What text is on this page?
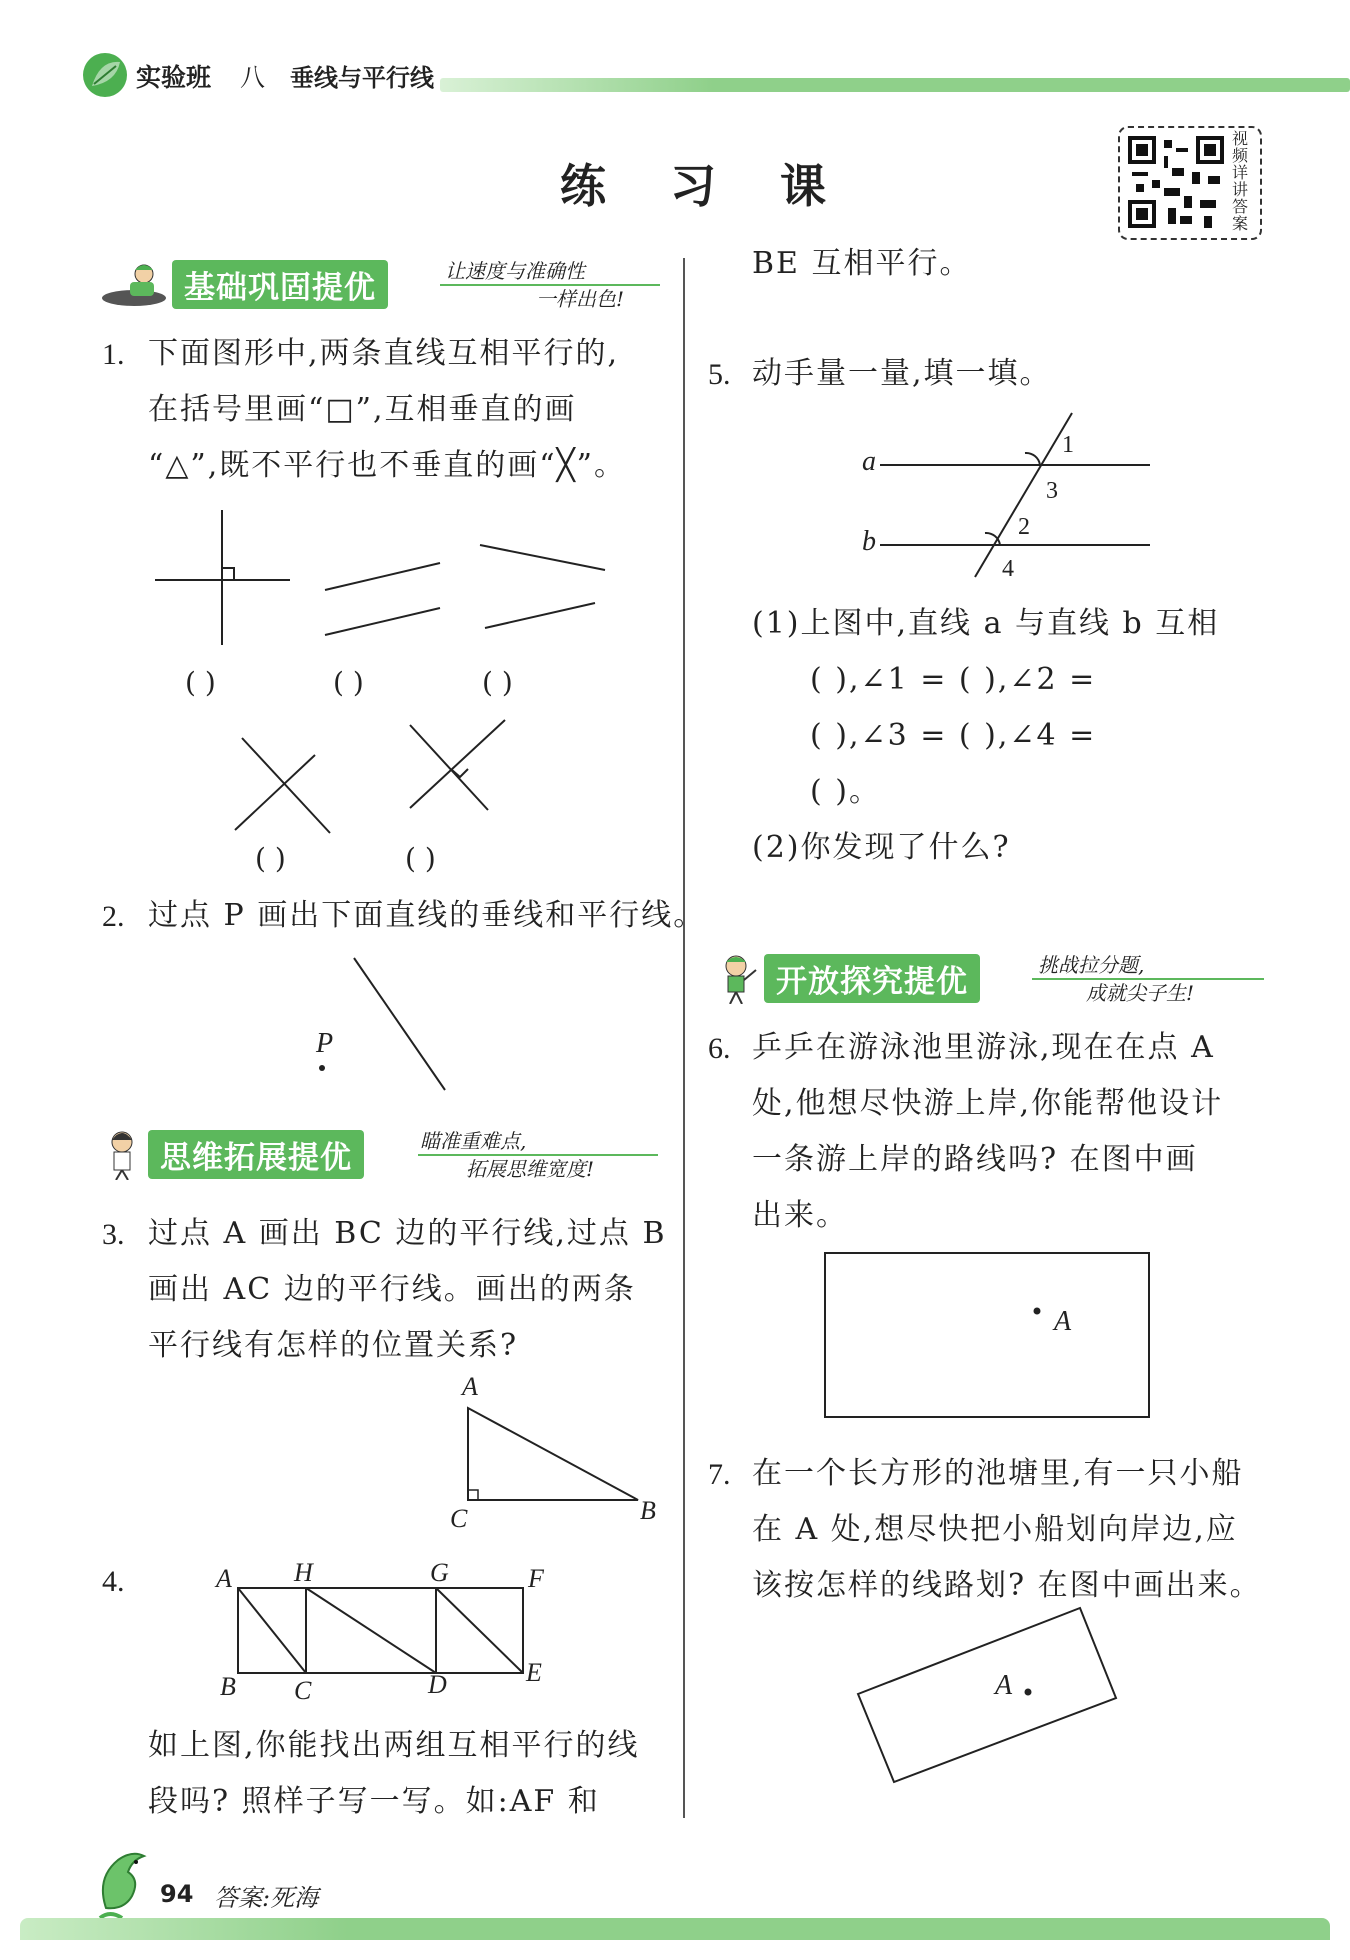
实验班 八 垂线与平行线
练 习 课
视频详讲答案
基础巩固提优	让速度与准确性
一样出色!
1. 下面图形中,两条直线互相平行的,
在括号里画“□”,互相垂直的画
“△”,既不平行也不垂直的画“╳”。
( )	( )	( )
( )	( )
2. 过点 P 画出下面直线的垂线和平行线。
P
思维拓展提优	瞄准重难点,
拓展思维宽度!
3. 过点 A 画出 BC 边的平行线,过点 B
画出 AC 边的平行线。画出的两条
平行线有怎样的位置关系?
A
C	B
4.	A H	G	F
B C	D	E
如上图,你能找出两组互相平行的线
段吗? 照样子写一写。如:AF 和
BE 互相平行。
5. 动手量一量,填一填。
a
b
1
3
2
4
(1)上图中,直线 a 与直线 b 互相
( ),∠1 = ( ),∠2 =
( ),∠3 = ( ),∠4 =
( )。
(2)你发现了什么?
开放探究提优	挑战拉分题,
成就尖子生!
6. 乒乒在游泳池里游泳,现在在点 A
处,他想尽快游上岸,你能帮他设计
一条游上岸的路线吗? 在图中画
出来。
A
7. 在一个长方形的池塘里,有一只小船
在 A 处,想尽快把小船划向岸边,应
该按怎样的线路划? 在图中画出来。
A
94 答案:死海
